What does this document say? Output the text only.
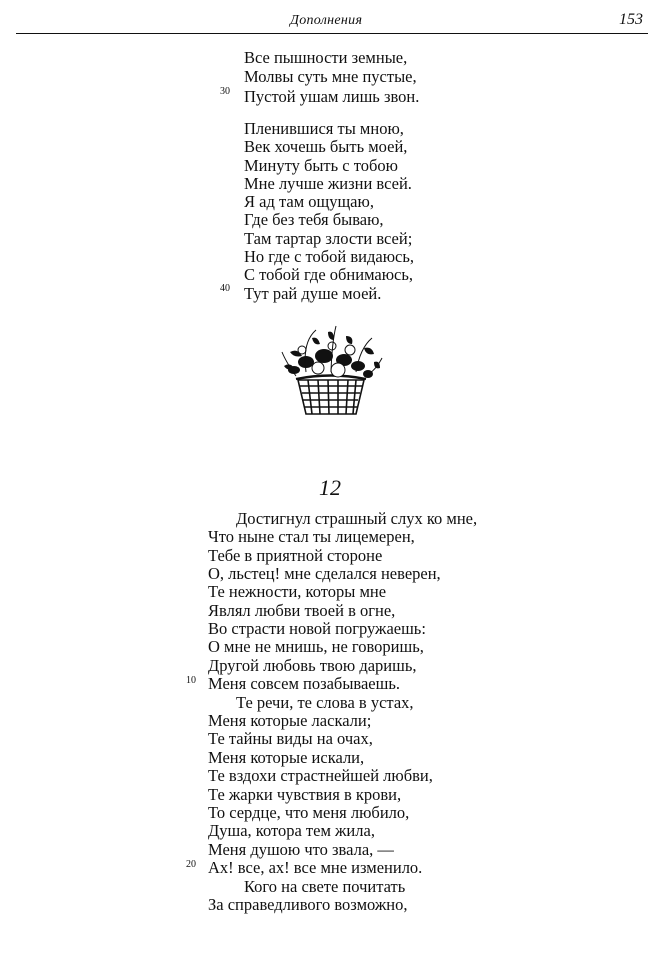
Дополнения	153
Все пышности земные,
Молвы суть мне пустые,
Пустой ушам лишь звон.
Пленившися ты мною,
Век хочешь быть моей,
Минуту быть с тобою
Мне лучше жизни всей.
Я ад там ощущаю,
Где без тебя бываю,
Там тартар злости всей;
Но где с тобой видаюсь,
С тобой где обнимаюсь,
Тут рай душе моей.
30
40
12
Достигнул страшный слух ко мне,
Что ныне стал ты лицемерен,
Тебе в приятной стороне
О, льстец! мне сделался неверен,
Те нежности, которы мне
Являл любви твоей в огне,
Во страсти новой погружаешь:
О мне не мнишь, не говоришь,
Другой любовь твою даришь,
Меня совсем позабываешь.
Те речи, те слова в устах,
Меня которые ласкали;
Те тайны виды на очах,
Меня которые искали,
Те вздохи страстнейшей любви,
Те жарки чувствия в крови,
То сердце, что меня любило,
Душа, котора тем жила,
Меня душою что звала, —
Ах! все, ах! все мне изменило.
Кого на свете почитать
За справедливого возможно,
10
20
